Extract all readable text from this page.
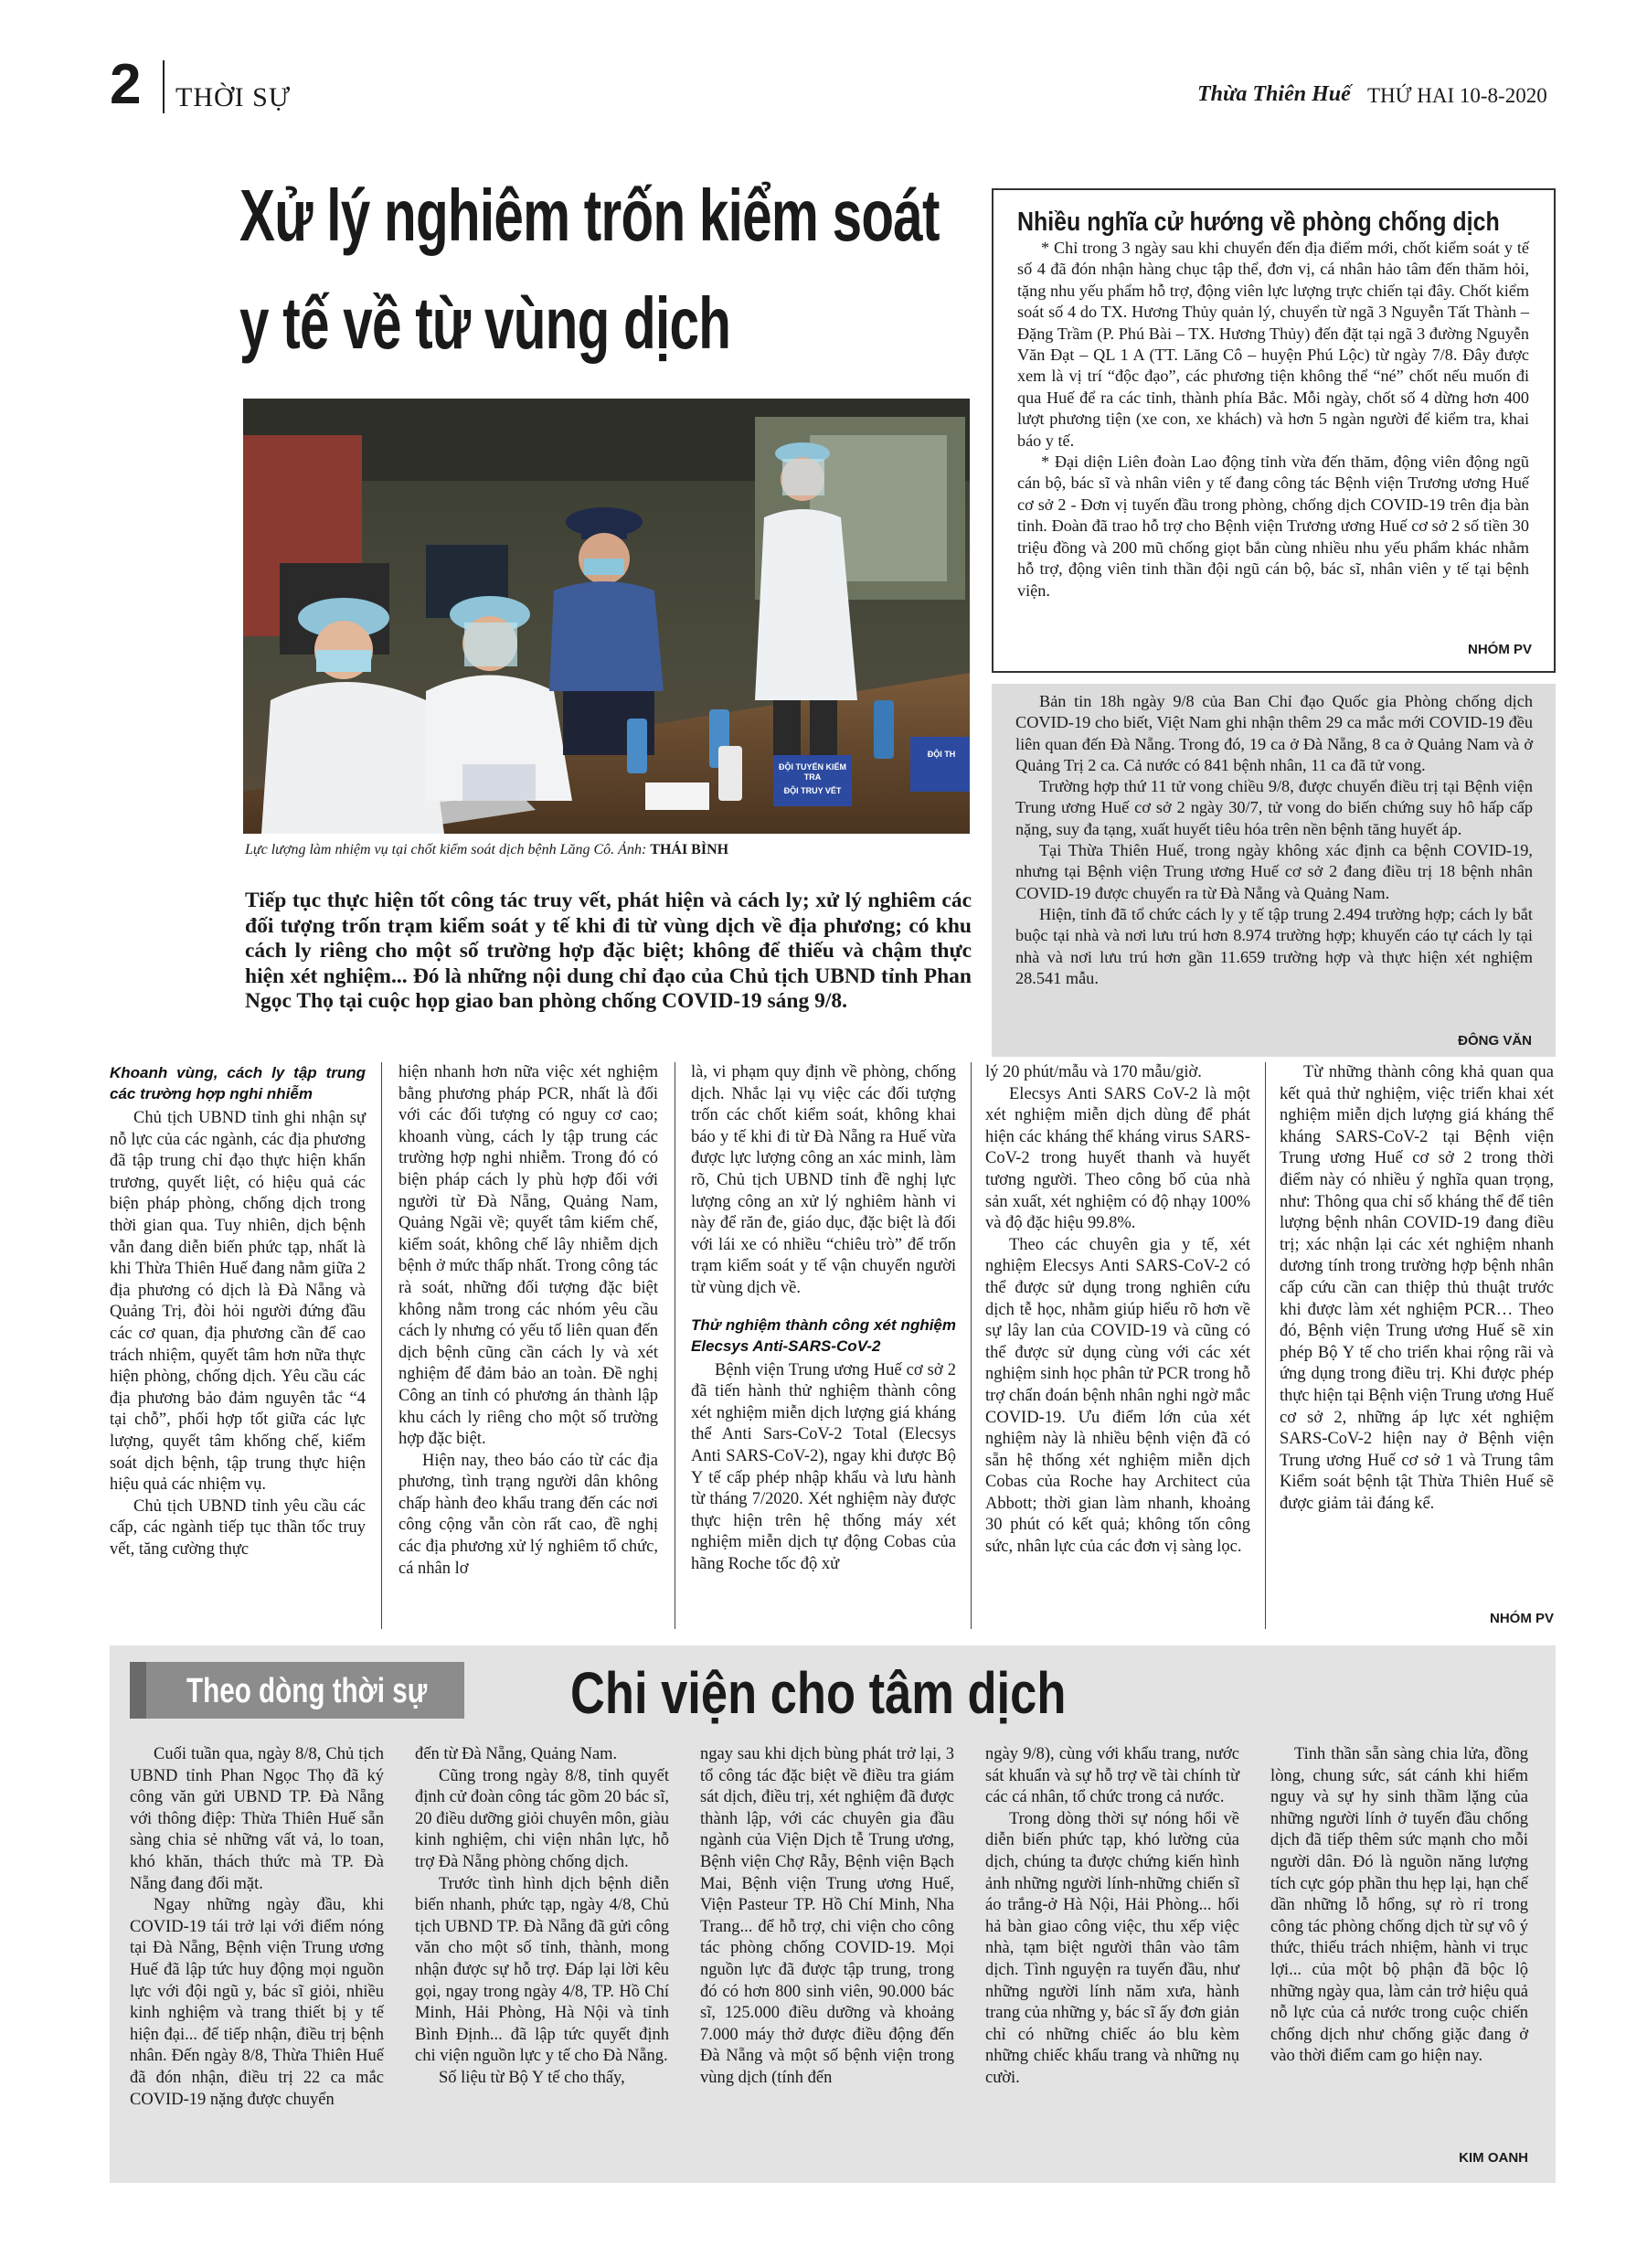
2 THỜI SỰ	Thừa Thiên Huế THỨ HAI 10-8-2020
Xử lý nghiêm trốn kiểm soát
y tế về từ vùng dịch
ĐỘI TUYẾN KIỂM TRA
ĐỘI TRUY VẾT
ĐỘI TH
Lực lượng làm nhiệm vụ tại chốt kiểm soát dịch bệnh Lăng Cô. Ảnh: THÁI BÌNH
Tiếp tục thực hiện tốt công tác truy vết, phát hiện và cách ly; xử lý nghiêm các đối tượng trốn trạm kiểm soát y tế khi đi từ vùng dịch về địa phương; có khu cách ly riêng cho một số trường hợp đặc biệt; không để thiếu và chậm thực hiện xét nghiệm... Đó là những nội dung chỉ đạo của Chủ tịch UBND tỉnh Phan Ngọc Thọ tại cuộc họp giao ban phòng chống COVID-19 sáng 9/8.
Nhiều nghĩa cử hướng về phòng chống dịch

* Chỉ trong 3 ngày sau khi chuyển đến địa điểm mới, chốt kiểm soát y tế số 4 đã đón nhận hàng chục tập thể, đơn vị, cá nhân hảo tâm đến thăm hỏi, tặng nhu yếu phẩm hỗ trợ, động viên lực lượng trực chiến tại đây. Chốt kiểm soát số 4 do TX. Hương Thủy quản lý, chuyển từ ngã 3 Nguyễn Tất Thành – Đặng Trầm (P. Phú Bài – TX. Hương Thủy) đến đặt tại ngã 3 đường Nguyễn Văn Đạt – QL 1 A (TT. Lăng Cô – huyện Phú Lộc) từ ngày 7/8. Đây được xem là vị trí “độc đạo”, các phương tiện không thể “né” chốt nếu muốn đi qua Huế để ra các tỉnh, thành phía Bắc. Mỗi ngày, chốt số 4 dừng hơn 400 lượt phương tiện (xe con, xe khách) và hơn 5 ngàn người để kiểm tra, khai báo y tế.

* Đại diện Liên đoàn Lao động tỉnh vừa đến thăm, động viên động ngũ cán bộ, bác sĩ và nhân viên y tế đang công tác Bệnh viện Trương ương Huế cơ sở 2 - Đơn vị tuyến đầu trong phòng, chống dịch COVID-19 trên địa bàn tỉnh. Đoàn đã trao hỗ trợ cho Bệnh viện Trương ương Huế cơ sở 2 số tiền 30 triệu đồng và 200 mũ chống giọt bắn cùng nhiều nhu yếu phẩm khác nhằm hỗ trợ, động viên tinh thần đội ngũ cán bộ, bác sĩ, nhân viên y tế tại bệnh viện.

NHÓM PV

Bản tin 18h ngày 9/8 của Ban Chỉ đạo Quốc gia Phòng chống dịch COVID-19 cho biết, Việt Nam ghi nhận thêm 29 ca mắc mới COVID-19 đều liên quan đến Đà Nẵng. Trong đó, 19 ca ở Đà Nẵng, 8 ca ở Quảng Nam và ở Quảng Trị 2 ca. Cả nước có 841 bệnh nhân, 11 ca đã tử vong.

Trường hợp thứ 11 tử vong chiều 9/8, được chuyển điều trị tại Bệnh viện Trung ương Huế cơ sở 2 ngày 30/7, tử vong do biến chứng suy hô hấp cấp nặng, suy đa tạng, xuất huyết tiêu hóa trên nền bệnh tăng huyết áp.

Tại Thừa Thiên Huế, trong ngày không xác định ca bệnh COVID-19, nhưng tại Bệnh viện Trung ương Huế cơ sở 2 đang điều trị 18 bệnh nhân COVID-19 được chuyển ra từ Đà Nẵng và Quảng Nam.

Hiện, tỉnh đã tổ chức cách ly y tế tập trung 2.494 trường hợp; cách ly bắt buộc tại nhà và nơi lưu trú hơn 8.974 trường hợp; khuyến cáo tự cách ly tại nhà và nơi lưu trú hơn gần 11.659 trường hợp và thực hiện xét nghiệm 28.541 mẫu.

ĐÔNG VĂN
Khoanh vùng, cách ly tập trung các trường hợp nghi nhiễm

Chủ tịch UBND tỉnh ghi nhận sự nỗ lực của các ngành, các địa phương đã tập trung chỉ đạo thực hiện khẩn trương, quyết liệt, có hiệu quả các biện pháp phòng, chống dịch trong thời gian qua. Tuy nhiên, dịch bệnh vẫn đang diễn biến phức tạp, nhất là khi Thừa Thiên Huế đang nằm giữa 2 địa phương có dịch là Đà Nẵng và Quảng Trị, đòi hỏi người đứng đầu các cơ quan, địa phương cần để cao trách nhiệm, quyết tâm hơn nữa thực hiện phòng, chống dịch. Yêu cầu các địa phương bảo đảm nguyên tắc “4 tại chỗ”, phối hợp tốt giữa các lực lượng, quyết tâm khống chế, kiểm soát dịch bệnh, tập trung thực hiện hiệu quả các nhiệm vụ.

Chủ tịch UBND tỉnh yêu cầu các cấp, các ngành tiếp tục thần tốc truy vết, tăng cường thực

hiện nhanh hơn nữa việc xét nghiệm bằng phương pháp PCR, nhất là đối với các đối tượng có nguy cơ cao; khoanh vùng, cách ly tập trung các trường hợp nghi nhiễm. Trong đó có biện pháp cách ly phù hợp đối với người từ Đà Nẵng, Quảng Nam, Quảng Ngãi về; quyết tâm kiểm chế, kiểm soát, không chế lây nhiễm dịch bệnh ở mức thấp nhất. Trong công tác rà soát, những đối tượng đặc biệt không nằm trong các nhóm yêu cầu cách ly nhưng có yếu tố liên quan đến dịch bệnh cũng cần cách ly và xét nghiệm để đảm bảo an toàn. Đề nghị Công an tỉnh có phương án thành lập khu cách ly riêng cho một số trường hợp đặc biệt.

Hiện nay, theo báo cáo từ các địa phương, tình trạng người dân không chấp hành đeo khẩu trang đến các nơi công cộng vẫn còn rất cao, đề nghị các địa phương xử lý nghiêm tổ chức, cá nhân lơ

là, vi phạm quy định về phòng, chống dịch. Nhắc lại vụ việc các đối tượng trốn các chốt kiểm soát, không khai báo y tế khi đi từ Đà Nẵng ra Huế vừa được lực lượng công an xác minh, làm rõ, Chủ tịch UBND tỉnh đề nghị lực lượng công an xử lý nghiêm hành vi này để răn đe, giáo dục, đặc biệt là đối với lái xe có nhiều “chiêu trò” để trốn trạm kiểm soát y tế vận chuyển người từ vùng dịch về.

Thử nghiệm thành công xét nghiệm Elecsys Anti-SARS-CoV-2

Bệnh viện Trung ương Huế cơ sở 2 đã tiến hành thử nghiệm thành công xét nghiệm miễn dịch lượng giá kháng thể Anti Sars-CoV-2 Total (Elecsys Anti SARS-CoV-2), ngay khi được Bộ Y tế cấp phép nhập khẩu và lưu hành từ tháng 7/2020. Xét nghiệm này được thực hiện trên hệ thống máy xét nghiệm miễn dịch tự động Cobas của hãng Roche tốc độ xử

lý 20 phút/mẫu và 170 mẫu/giờ.

Elecsys Anti SARS CoV-2 là một xét nghiệm miễn dịch dùng để phát hiện các kháng thể kháng virus SARS-CoV-2 trong huyết thanh và huyết tương người. Theo công bố của nhà sản xuất, xét nghiệm có độ nhạy 100% và độ đặc hiệu 99.8%.

Theo các chuyên gia y tế, xét nghiệm Elecsys Anti SARS-CoV-2 có thể được sử dụng trong nghiên cứu dịch tễ học, nhằm giúp hiểu rõ hơn về sự lây lan của COVID-19 và cũng có thể được sử dụng cùng với các xét nghiệm sinh học phân tử PCR trong hỗ trợ chẩn đoán bệnh nhân nghi ngờ mắc COVID-19. Ưu điểm lớn của xét nghiệm này là nhiều bệnh viện đã có sẵn hệ thống xét nghiệm miễn dịch Cobas của Roche hay Architect của Abbott; thời gian làm nhanh, khoảng 30 phút có kết quả; không tốn công sức, nhân lực của các đơn vị sàng lọc.

Từ những thành công khả quan qua kết quả thử nghiệm, việc triển khai xét nghiệm miễn dịch lượng giá kháng thể kháng SARS-CoV-2 tại Bệnh viện Trung ương Huế cơ sở 2 trong thời điểm này có nhiều ý nghĩa quan trọng, như: Thông qua chỉ số kháng thể để tiên lượng bệnh nhân COVID-19 đang điều trị; xác nhận lại các xét nghiệm nhanh dương tính trong trường hợp bệnh nhân cấp cứu cần can thiệp thủ thuật trước khi được làm xét nghiệm PCR… Theo đó, Bệnh viện Trung ương Huế sẽ xin phép Bộ Y tế cho triển khai rộng rãi và ứng dụng trong điều trị. Khi được phép thực hiện tại Bệnh viện Trung ương Huế cơ sở 2, những áp lực xét nghiệm SARS-CoV-2 hiện nay ở Bệnh viện Trung ương Huế cơ sở 1 và Trung tâm Kiểm soát bệnh tật Thừa Thiên Huế sẽ được giảm tải đáng kể.

NHÓM PV
Theo dòng thời sự Chi viện cho tâm dịch

Cuối tuần qua, ngày 8/8, Chủ tịch UBND tỉnh Phan Ngọc Thọ đã ký công văn gửi UBND TP. Đà Nẵng với thông điệp: Thừa Thiên Huế sẵn sàng chia sẻ những vất vả, lo toan, khó khăn, thách thức mà TP. Đà Nẵng đang đối mặt.

Ngay những ngày đầu, khi COVID-19 tái trở lại với điểm nóng tại Đà Nẵng, Bệnh viện Trung ương Huế đã lập tức huy động mọi nguồn lực với đội ngũ y, bác sĩ giỏi, nhiều kinh nghiệm và trang thiết bị y tế hiện đại... để tiếp nhận, điều trị bệnh nhân. Đến ngày 8/8, Thừa Thiên Huế đã đón nhận, điều trị 22 ca mắc COVID-19 nặng được chuyển

đến từ Đà Nẵng, Quảng Nam.

Cũng trong ngày 8/8, tỉnh quyết định cử đoàn công tác gồm 20 bác sĩ, 20 điều dưỡng giỏi chuyên môn, giàu kinh nghiệm, chi viện nhân lực, hỗ trợ Đà Nẵng phòng chống dịch.

Trước tình hình dịch bệnh diễn biến nhanh, phức tạp, ngày 4/8, Chủ tịch UBND TP. Đà Nẵng đã gửi công văn cho một số tỉnh, thành, mong nhận được sự hỗ trợ. Đáp lại lời kêu gọi, ngay trong ngày 4/8, TP. Hồ Chí Minh, Hải Phòng, Hà Nội và tỉnh Bình Định... đã lập tức quyết định chi viện nguồn lực y tế cho Đà Nẵng.

Số liệu từ Bộ Y tế cho thấy,

ngay sau khi dịch bùng phát trở lại, 3 tổ công tác đặc biệt về điều tra giám sát dịch, điều trị, xét nghiệm đã được thành lập, với các chuyên gia đầu ngành của Viện Dịch tễ Trung ương, Bệnh viện Chợ Rẫy, Bệnh viện Bạch Mai, Bệnh viện Trung ương Huế, Viện Pasteur TP. Hồ Chí Minh, Nha Trang... để hỗ trợ, chi viện cho công tác phòng chống COVID-19. Mọi nguồn lực đã được tập trung, trong đó có hơn 800 sinh viên, 90.000 bác sĩ, 125.000 điều dưỡng và khoảng 7.000 máy thở được điều động đến Đà Nẵng và một số bệnh viện trong vùng dịch (tính đến

ngày 9/8), cùng với khẩu trang, nước sát khuẩn và sự hỗ trợ về tài chính từ các cá nhân, tổ chức trong cả nước.

Trong dòng thời sự nóng hổi về diễn biến phức tạp, khó lường của dịch, chúng ta được chứng kiến hình ảnh những người lính-những chiến sĩ áo trắng-ở Hà Nội, Hải Phòng... hối hả bàn giao công việc, thu xếp việc nhà, tạm biệt người thân vào tâm dịch. Tình nguyện ra tuyến đầu, như những người lính năm xưa, hành trang của những y, bác sĩ ấy đơn giản chỉ có những chiếc áo blu kèm những chiếc khẩu trang và những nụ cười.

Tinh thần sẵn sàng chia lửa, đồng lòng, chung sức, sát cánh khi hiểm nguy và sự hy sinh thầm lặng của những người lính ở tuyến đầu chống dịch đã tiếp thêm sức mạnh cho mỗi người dân. Đó là nguồn năng lượng tích cực góp phần thu hẹp lại, hạn chế dần những lỗ hổng, sự rò rỉ trong công tác phòng chống dịch từ sự vô ý thức, thiếu trách nhiệm, hành vi trục lợi... của một bộ phận đã bộc lộ những ngày qua, làm cản trở hiệu quả nỗ lực của cả nước trong cuộc chiến chống dịch như chống giặc đang ở vào thời điểm cam go hiện nay.

KIM OANH
